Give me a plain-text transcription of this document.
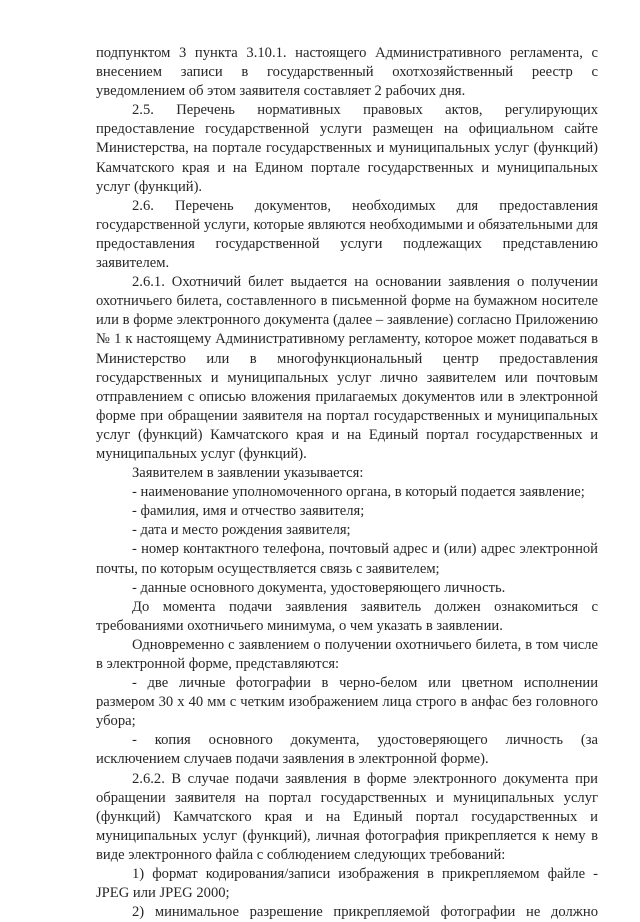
подпунктом 3 пункта 3.10.1. настоящего Административного регламента, с внесением записи в государственный охотхозяйственный реестр с уведомлением об этом заявителя составляет 2 рабочих дня.

2.5. Перечень нормативных правовых актов, регулирующих предоставление государственной услуги размещен на официальном сайте Министерства, на портале государственных и муниципальных услуг (функций) Камчатского края и на Едином портале государственных и муниципальных услуг (функций).

2.6. Перечень документов, необходимых для предоставления государственной услуги, которые являются необходимыми и обязательными для предоставления государственной услуги подлежащих представлению заявителем.

2.6.1. Охотничий билет выдается на основании заявления о получении охотничьего билета, составленного в письменной форме на бумажном носителе или в форме электронного документа (далее – заявление) согласно Приложению № 1 к настоящему Административному регламенту, которое может подаваться в Министерство или в многофункциональный центр предоставления государственных и муниципальных услуг лично заявителем или почтовым отправлением с описью вложения прилагаемых документов или в электронной форме при обращении заявителя на портал государственных и муниципальных услуг (функций) Камчатского края и на Единый портал государственных и муниципальных услуг (функций).

Заявителем в заявлении указывается:

- наименование уполномоченного органа, в который подается заявление;

- фамилия, имя и отчество заявителя;

- дата и место рождения заявителя;

- номер контактного телефона, почтовый адрес и (или) адрес электронной почты, по которым осуществляется связь с заявителем;

- данные основного документа, удостоверяющего личность.

До момента подачи заявления заявитель должен ознакомиться с требованиями охотничьего минимума, о чем указать в заявлении.

Одновременно с заявлением о получении охотничьего билета, в том числе в электронной форме, представляются:

- две личные фотографии в черно-белом или цветном исполнении размером 30 х 40 мм с четким изображением лица строго в анфас без головного убора;

- копия основного документа, удостоверяющего личность (за исключением случаев подачи заявления в электронной форме).

2.6.2. В случае подачи заявления в форме электронного документа при обращении заявителя на портал государственных и муниципальных услуг (функций) Камчатского края и на Единый портал государственных и муниципальных услуг (функций), личная фотография прикрепляется к нему в виде электронного файла с соблюдением следующих требований:

1) формат кодирования/записи изображения в прикрепляемом файле - JPEG или JPEG 2000;

2) минимальное разрешение прикрепляемой фотографии не должно
